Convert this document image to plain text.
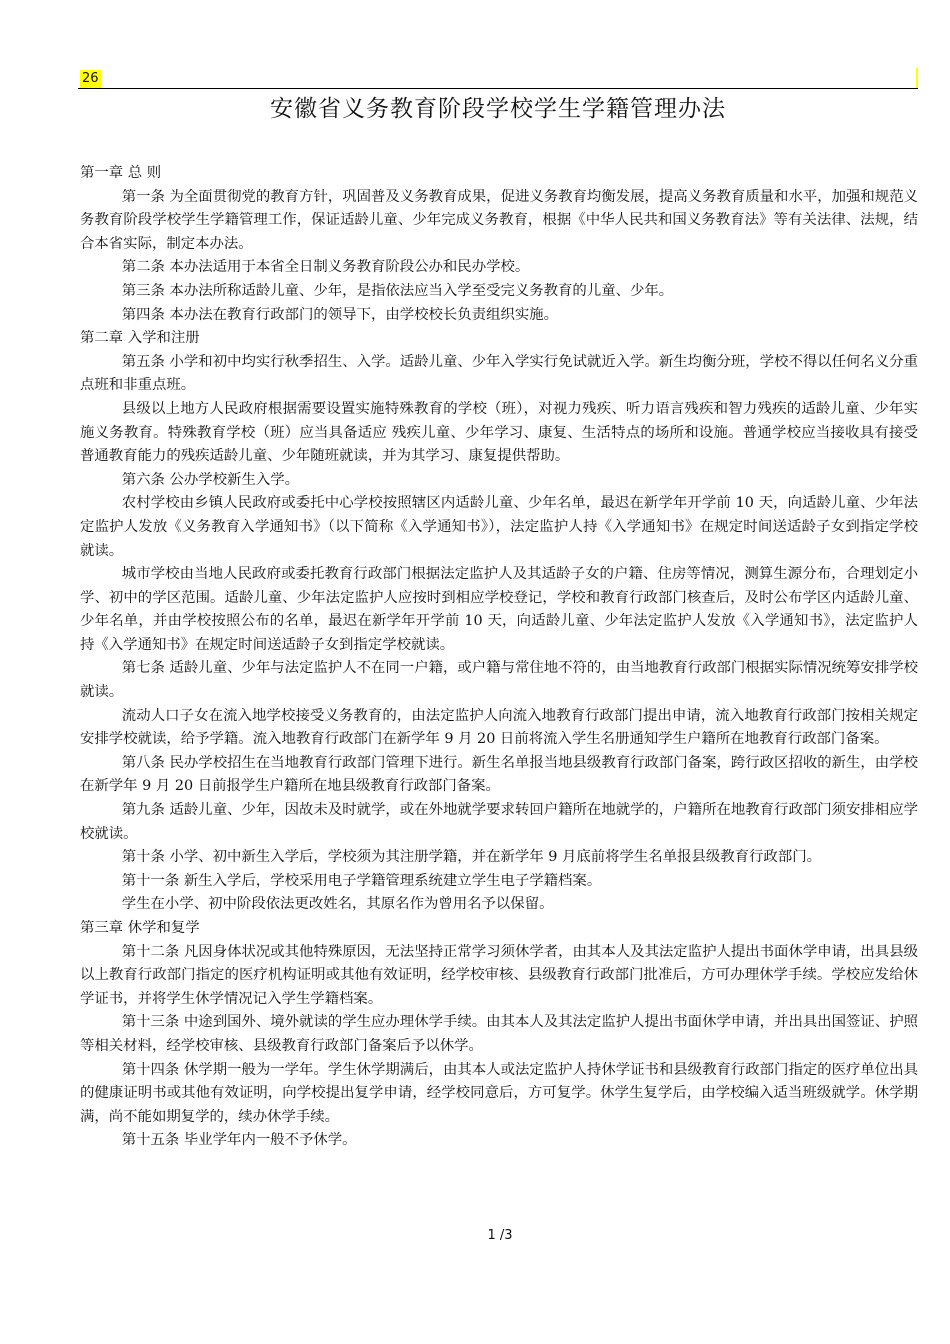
26
安徽省义务教育阶段学校学生学籍管理办法

第一章 总 则

第一条 为全面贯彻党的教育方针，巩固普及义务教育成果，促进义务教育均衡发展，提高义务教育质量和水平，加强和规范义务教育阶段学校学生学籍管理工作，保证适龄儿童、少年完成义务教育，根据《中华人民共和国义务教育法》等有关法律、法规，结合本省实际，制定本办法。

第二条 本办法适用于本省全日制义务教育阶段公办和民办学校。

第三条 本办法所称适龄儿童、少年，是指依法应当入学至受完义务教育的儿童、少年。

第四条 本办法在教育行政部门的领导下，由学校校长负责组织实施。

第二章 入学和注册

第五条 小学和初中均实行秋季招生、入学。适龄儿童、少年入学实行免试就近入学。新生均衡分班，学校不得以任何名义分重点班和非重点班。

县级以上地方人民政府根据需要设置实施特殊教育的学校（班），对视力残疾、听力语言残疾和智力残疾的适龄儿童、少年实施义务教育。特殊教育学校（班）应当具备适应 残疾儿童、少年学习、康复、生活特点的场所和设施。普通学校应当接收具有接受普通教育能力的残疾适龄儿童、少年随班就读，并为其学习、康复提供帮助。

第六条 公办学校新生入学。

农村学校由乡镇人民政府或委托中心学校按照辖区内适龄儿童、少年名单，最迟在新学年开学前 10 天，向适龄儿童、少年法定监护人发放《义务教育入学通知书》（以下简称《入学通知书》），法定监护人持《入学通知书》在规定时间送适龄子女到指定学校就读。

城市学校由当地人民政府或委托教育行政部门根据法定监护人及其适龄子女的户籍、住房等情况，测算生源分布，合理划定小学、初中的学区范围。适龄儿童、少年法定监护人应按时到相应学校登记，学校和教育行政部门核查后，及时公布学区内适龄儿童、少年名单，并由学校按照公布的名单，最迟在新学年开学前 10 天，向适龄儿童、少年法定监护人发放《入学通知书》，法定监护人持《入学通知书》在规定时间送适龄子女到指定学校就读。

第七条 适龄儿童、少年与法定监护人不在同一户籍，或户籍与常住地不符的，由当地教育行政部门根据实际情况统筹安排学校就读。

流动人口子女在流入地学校接受义务教育的，由法定监护人向流入地教育行政部门提出申请，流入地教育行政部门按相关规定安排学校就读，给予学籍。流入地教育行政部门在新学年 9 月 20 日前将流入学生名册通知学生户籍所在地教育行政部门备案。

第八条 民办学校招生在当地教育行政部门管理下进行。新生名单报当地县级教育行政部门备案，跨行政区招收的新生，由学校在新学年 9 月 20 日前报学生户籍所在地县级教育行政部门备案。

第九条 适龄儿童、少年，因故未及时就学，或在外地就学要求转回户籍所在地就学的，户籍所在地教育行政部门须安排相应学校就读。

第十条 小学、初中新生入学后，学校须为其注册学籍，并在新学年 9 月底前将学生名单报县级教育行政部门。

第十一条 新生入学后，学校采用电子学籍管理系统建立学生电子学籍档案。

学生在小学、初中阶段依法更改姓名，其原名作为曾用名予以保留。

第三章 休学和复学

第十二条 凡因身体状况或其他特殊原因，无法坚持正常学习须休学者，由其本人及其法定监护人提出书面休学申请，出具县级以上教育行政部门指定的医疗机构证明或其他有效证明，经学校审核、县级教育行政部门批准后，方可办理休学手续。学校应发给休学证书，并将学生休学情况记入学生学籍档案。

第十三条 中途到国外、境外就读的学生应办理休学手续。由其本人及其法定监护人提出书面休学申请，并出具出国签证、护照等相关材料，经学校审核、县级教育行政部门备案后予以休学。

第十四条 休学期一般为一学年。学生休学期满后，由其本人或法定监护人持休学证书和县级教育行政部门指定的医疗单位出具的健康证明书或其他有效证明，向学校提出复学申请，经学校同意后，方可复学。休学生复学后，由学校编入适当班级就学。休学期满，尚不能如期复学的，续办休学手续。

第十五条 毕业学年内一般不予休学。

1 /3
